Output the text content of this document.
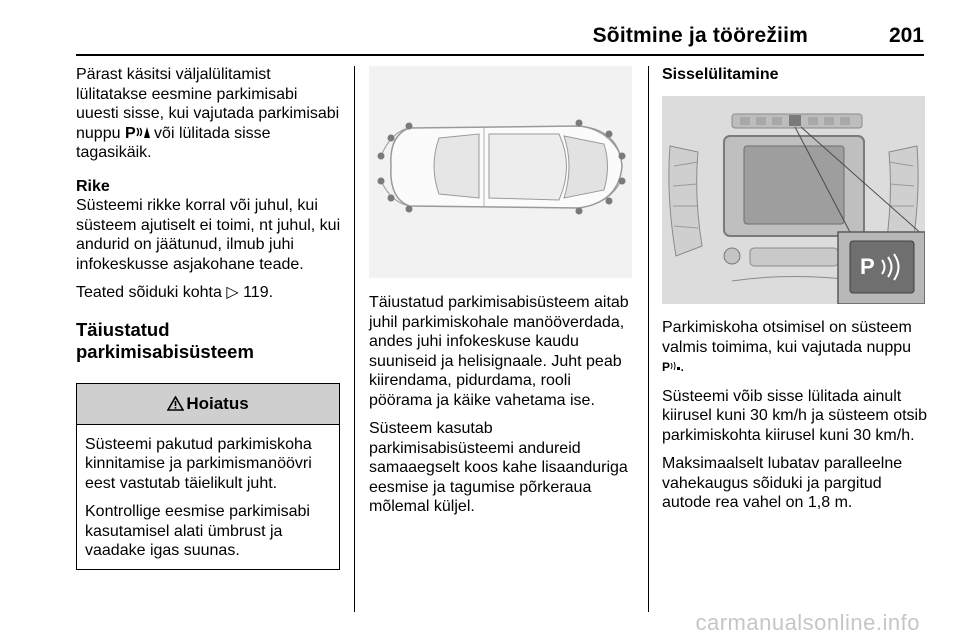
Sõitmine ja töörežiim	201

Pärast käsitsi väljalülitamist
lülitatakse eesmine parkimisabi
uuesti sisse, kui vajutada parkimisabi
nuppu P või lülitada sisse
tagasikäik.

Rike
Süsteemi rikke korral või juhul, kui
süsteem ajutiselt ei toimi, nt juhul, kui
andurid on jäätunud, ilmub juhi
infokeskusse asjakohane teade.

Teated sõiduki kohta ▷ 119.

Täiustatud parkimisabisüsteem
Hoiatus

Süsteemi pakutud parkimiskoha
kinnitamise ja parkimismanöövri
eest vastutab täielikult juht.

Kontrollige eesmise parkimisabi
kasutamisel alati ümbrust ja
vaadake igas suunas.

Täiustatud parkimisabisüsteem aitab
juhil parkimiskohale manööverdada,
andes juhi infokeskuse kaudu
suuniseid ja helisignaale. Juht peab
kiirendama, pidurdama, rooli
pöörama ja käike vahetama ise.

Süsteem kasutab
parkimisabisüsteemi andureid
samaaegselt koos kahe lisaanduriga
eesmise ja tagumise põrkeraua
mõlemal küljel.

Sisselülitamine
P

Parkimiskoha otsimisel on süsteem
valmis toimima, kui vajutada nuppu
P .

Süsteemi võib sisse lülitada ainult
kiirusel kuni 30 km/h ja süsteem otsib
parkimiskohta kiirusel kuni 30 km/h.

Maksimaalselt lubatav paralleelne
vahekaugus sõiduki ja pargitud
autode rea vahel on 1,8 m.

carmanualsonline.info
